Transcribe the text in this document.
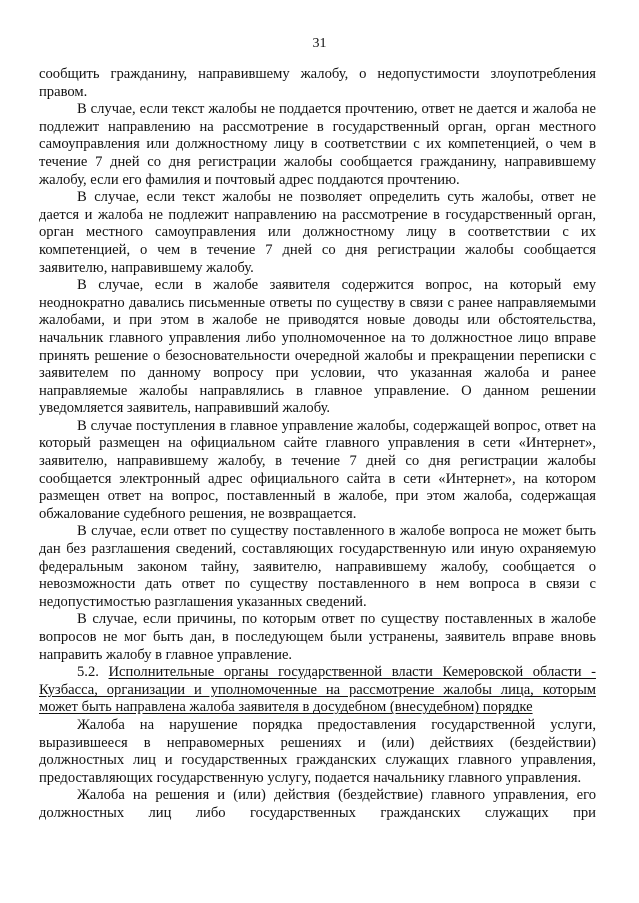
31

сообщить гражданину, направившему жалобу, о недопустимости злоупотребления правом.

В случае, если текст жалобы не поддается прочтению, ответ не дается и жалоба не подлежит направлению на рассмотрение в государственный орган, орган местного самоуправления или должностному лицу в соответствии с их компетенцией, о чем в течение 7 дней со дня регистрации жалобы сообщается гражданину, направившему жалобу, если его фамилия и почтовый адрес поддаются прочтению.

В случае, если текст жалобы не позволяет определить суть жалобы, ответ не дается и жалоба не подлежит направлению на рассмотрение в государственный орган, орган местного самоуправления или должностному лицу в соответствии с их компетенцией, о чем в течение 7 дней со дня регистрации жалобы сообщается заявителю, направившему жалобу.

В случае, если в жалобе заявителя содержится вопрос, на который ему неоднократно давались письменные ответы по существу в связи с ранее направляемыми жалобами, и при этом в жалобе не приводятся новые доводы или обстоятельства, начальник главного управления либо уполномоченное на то должностное лицо вправе принять решение о безосновательности очередной жалобы и прекращении переписки с заявителем по данному вопросу при условии, что указанная жалоба и ранее направляемые жалобы направлялись в главное управление. О данном решении уведомляется заявитель, направивший жалобу.

В случае поступления в главное управление жалобы, содержащей вопрос, ответ на который размещен на официальном сайте главного управления в сети «Интернет», заявителю, направившему жалобу, в течение 7 дней со дня регистрации жалобы сообщается электронный адрес официального сайта в сети «Интернет», на котором размещен ответ на вопрос, поставленный в жалобе, при этом жалоба, содержащая обжалование судебного решения, не возвращается.

В случае, если ответ по существу поставленного в жалобе вопроса не может быть дан без разглашения сведений, составляющих государственную или иную охраняемую федеральным законом тайну, заявителю, направившему жалобу, сообщается о невозможности дать ответ по существу поставленного в нем вопроса в связи с недопустимостью разглашения указанных сведений.

В случае, если причины, по которым ответ по существу поставленных в жалобе вопросов не мог быть дан, в последующем были устранены, заявитель вправе вновь направить жалобу в главное управление.

5.2. Исполнительные органы государственной власти Кемеровской области - Кузбасса, организации и уполномоченные на рассмотрение жалобы лица, которым может быть направлена жалоба заявителя в досудебном (внесудебном) порядке

Жалоба на нарушение порядка предоставления государственной услуги, выразившееся в неправомерных решениях и (или) действиях (бездействии) должностных лиц и государственных гражданских служащих главного управления, предоставляющих государственную услугу, подается начальнику главного управления.

Жалоба на решения и (или) действия (бездействие) главного управления, его должностных лиц либо государственных гражданских служащих при
